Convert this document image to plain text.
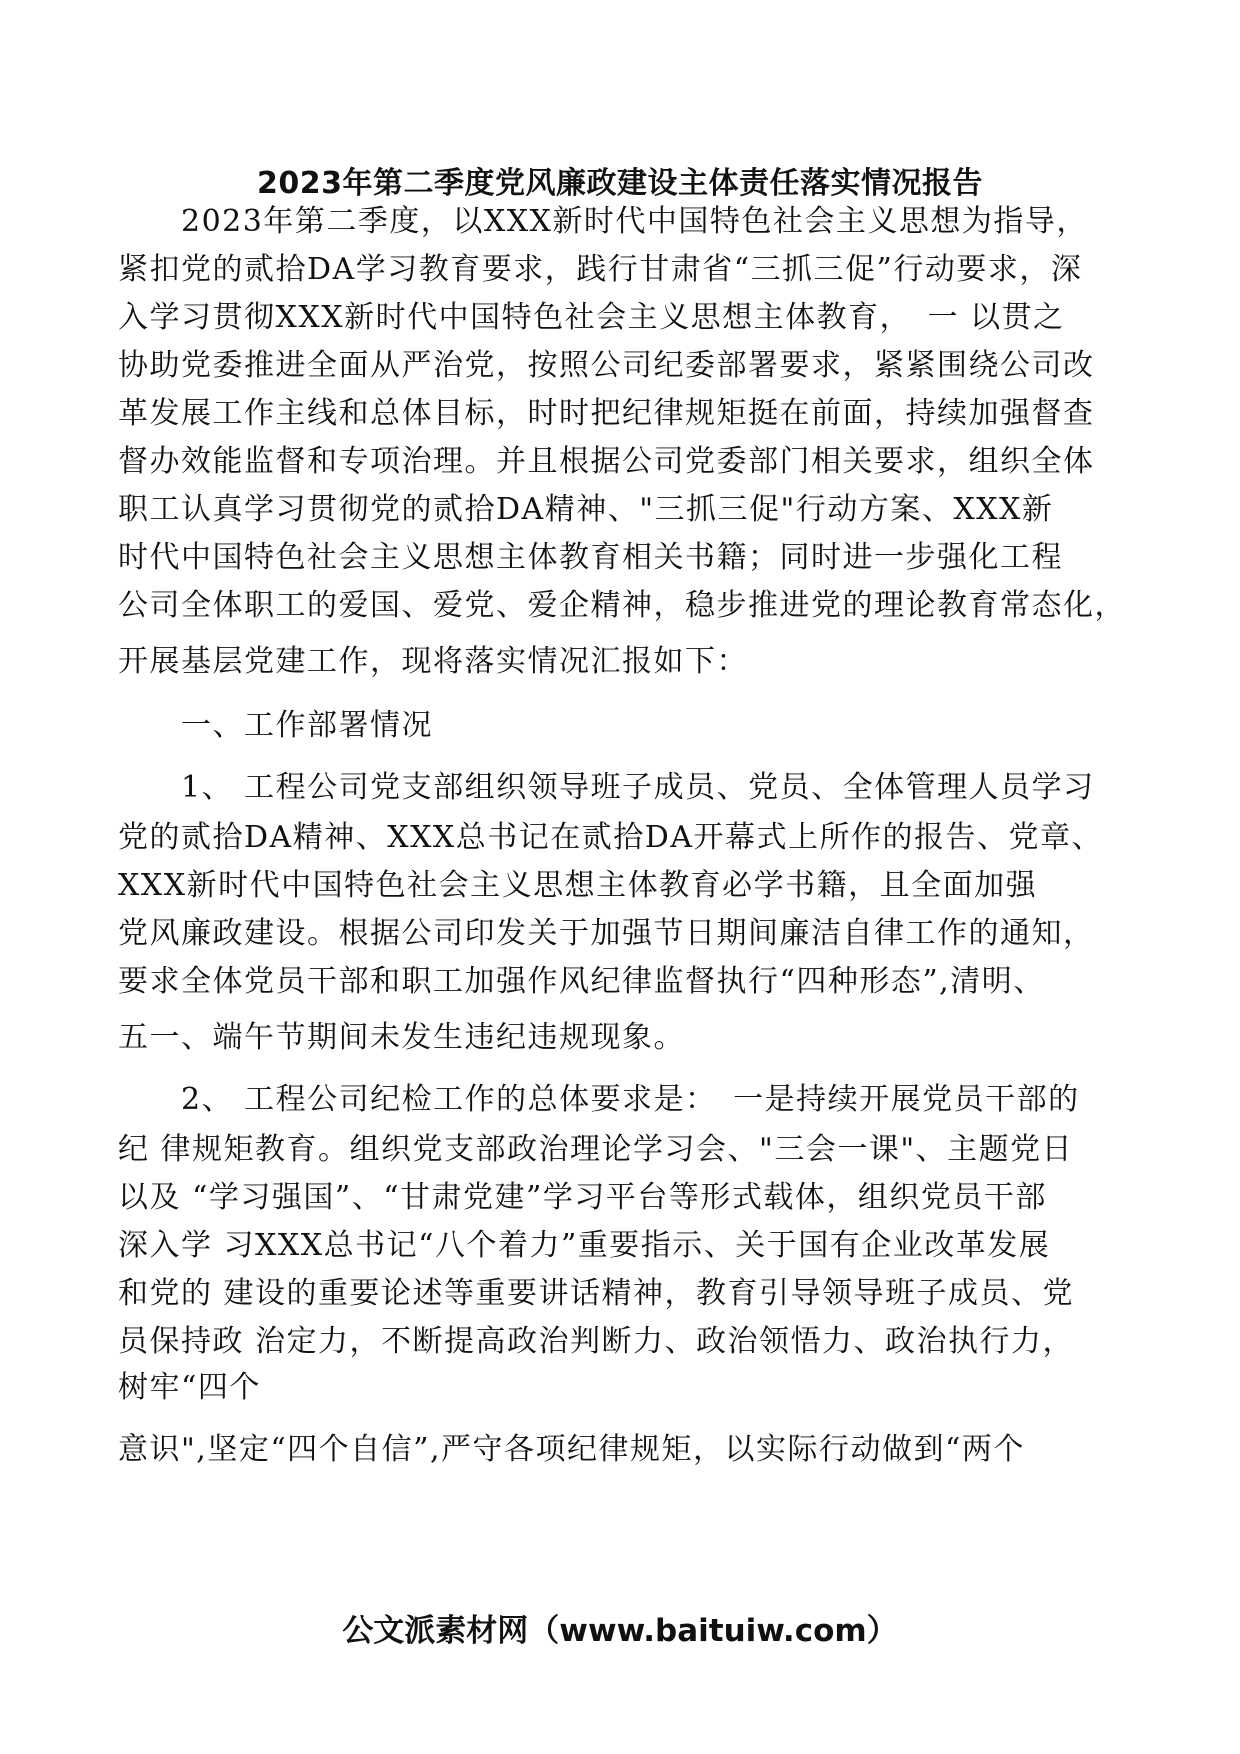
2023年第二季度党风廉政建设主体责任落实情况报告
　　2023年第二季度，以XXX新时代中国特色社会主义思想为指导，
紧扣党的贰拾DA学习教育要求，践行甘肃省“三抓三促”行动要求，深
入学习贯彻XXX新时代中国特色社会主义思想主体教育，　一 以贯之
协助党委推进全面从严治党，按照公司纪委部署要求，紧紧围绕公司改
革发展工作主线和总体目标，时时把纪律规矩挺在前面，持续加强督查
督办效能监督和专项治理。并且根据公司党委部门相关要求，组织全体
职工认真学习贯彻党的贰拾DA精神、"三抓三促"行动方案、XXX新
时代中国特色社会主义思想主体教育相关书籍；同时进一步强化工程
公司全体职工的爱国、爱党、爱企精神，稳步推进党的理论教育常态化，
开展基层党建工作，现将落实情况汇报如下：
　　一、工作部署情况
　　1、 工程公司党支部组织领导班子成员、党员、全体管理人员学习
党的贰拾DA精神、XXX总书记在贰拾DA开幕式上所作的报告、党章、
XXX新时代中国特色社会主义思想主体教育必学书籍，且全面加强
党风廉政建设。根据公司印发关于加强节日期间廉洁自律工作的通知，
要求全体党员干部和职工加强作风纪律监督执行“四种形态”,清明、
五一、端午节期间未发生违纪违规现象。
　　2、 工程公司纪检工作的总体要求是：　一是持续开展党员干部的
纪 律规矩教育。组织党支部政治理论学习会、"三会一课"、主题党日
以及 “学习强国”、“甘肃党建”学习平台等形式载体，组织党员干部
深入学 习XXX总书记“八个着力”重要指示、关于国有企业改革发展
和党的 建设的重要论述等重要讲话精神，教育引导领导班子成员、党
员保持政 治定力，不断提高政治判断力、政治领悟力、政治执行力，
树牢“四个
意识",坚定“四个自信”,严守各项纪律规矩，以实际行动做到“两个
公文派素材网（www.baituiw.com）
